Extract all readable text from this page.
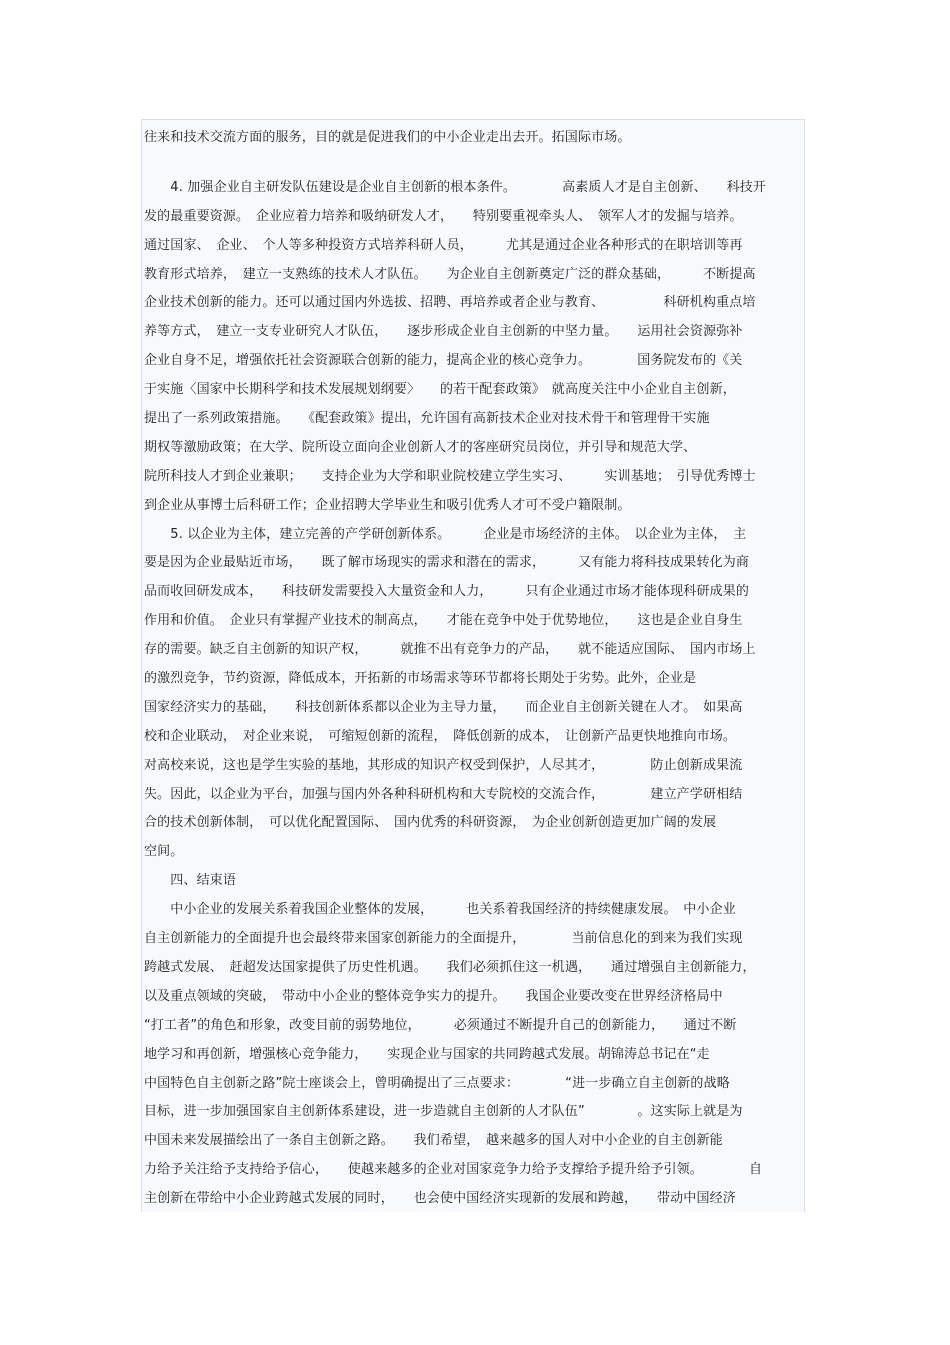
往来和技术交流方面的服务，目的就是促进我们的中小企业走出去开。拓国际市场。
　　4. 加强企业自主研发队伍建设是企业自主创新的根本条件。　　　　高素质人才是自主创新、　　科技开
发的最重要资源。　企业应着力培养和吸纳研发人才，　　特别要重视牵头人、　领军人才的发掘与培养。
通过国家、　企业、　个人等多种投资方式培养科研人员，　　　尤其是通过企业各种形式的在职培训等再
教育形式培养，　建立一支熟练的技术人才队伍。　　为企业自主创新奠定广泛的群众基础，　　　不断提高
企业技术创新的能力。还可以通过国内外选拔、招聘、再培养或者企业与教育、　　　　　科研机构重点培
养等方式，　建立一支专业研究人才队伍，　　逐步形成企业自主创新的中坚力量。　　运用社会资源弥补
企业自身不足，增强依托社会资源联合创新的能力，提高企业的核心竞争力。　　　　国务院发布的《关
于实施〈国家中长期科学和技术发展规划纲要〉　　的若干配套政策》　就高度关注中小企业自主创新，
提出了一系列政策措施。　　《配套政策》提出，允许国有高新技术企业对技术骨干和管理骨干实施
期权等激励政策；在大学、院所设立面向企业创新人才的客座研究员岗位，并引导和规范大学、
院所科技人才到企业兼职；　　支持企业为大学和职业院校建立学生实习、　　　实训基地；　引导优秀博士
到企业从事博士后科研工作；企业招聘大学毕业生和吸引优秀人才可不受户籍限制。
　　5. 以企业为主体，建立完善的产学研创新体系。　　　企业是市场经济的主体。　以企业为主体，　主
要是因为企业最贴近市场，　　既了解市场现实的需求和潜在的需求，　　　又有能力将科技成果转化为商
品而收回研发成本，　　科技研发需要投入大量资金和人力，　　　只有企业通过市场才能体现科研成果的
作用和价值。　企业只有掌握产业技术的制高点，　　才能在竞争中处于优势地位，　　这也是企业自身生
存的需要。缺乏自主创新的知识产权，　　　就推不出有竞争力的产品，　　就不能适应国际、　国内市场上
的激烈竞争，节约资源，降低成本，开拓新的市场需求等环节都将长期处于劣势。此外，企业是
国家经济实力的基础，　　科技创新体系都以企业为主导力量，　　而企业自主创新关键在人才。　如果高
校和企业联动，　对企业来说，　可缩短创新的流程，　降低创新的成本，　让创新产品更快地推向市场。
对高校来说，这也是学生实验的基地，其形成的知识产权受到保护，人尽其才，　　　　防止创新成果流
失。因此，以企业为平台，加强与国内外各种科研机构和大专院校的交流合作，　　　　建立产学研相结
合的技术创新体制，　可以优化配置国际、　国内优秀的科研资源，　为企业创新创造更加广阔的发展
空间。
　　四、结束语
　　中小企业的发展关系着我国企业整体的发展，　　　也关系着我国经济的持续健康发展。　中小企业
自主创新能力的全面提升也会最终带来国家创新能力的全面提升，　　　　当前信息化的到来为我们实现
跨越式发展、　赶超发达国家提供了历史性机遇。　　我们必须抓住这一机遇，　　通过增强自主创新能力，
以及重点领域的突破，　带动中小企业的整体竞争实力的提升。　　我国企业要改变在世界经济格局中
“打工者”的角色和形象，改变目前的弱势地位，　　　必须通过不断提升自己的创新能力，　　通过不断
地学习和再创新，增强核心竞争能力，　　实现企业与国家的共同跨越式发展。胡锦涛总书记在“走
中国特色自主创新之路”院士座谈会上，曾明确提出了三点要求：　　　　“进一步确立自主创新的战略
目标，进一步加强国家自主创新体系建设，进一步造就自主创新的人才队伍”　　　　。这实际上就是为
中国未来发展描绘出了一条自主创新之路。　　我们希望，　越来越多的国人对中小企业的自主创新能
力给予关注给予支持给予信心，　　使越来越多的企业对国家竞争力给予支撑给予提升给予引领。　　　　自
主创新在带给中小企业跨越式发展的同时，　　也会使中国经济实现新的发展和跨越，　　带动中国经济
